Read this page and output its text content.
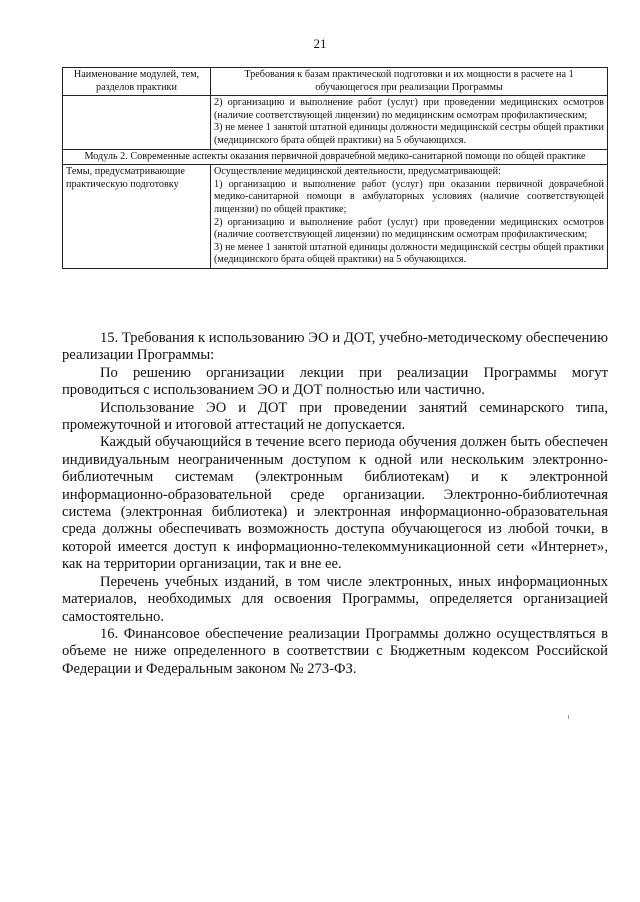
21
Наименование модулей, тем, разделов практики	Требования к базам практической подготовки и их мощности в расчете на 1 обучающегося при реализации Программы

	2) организацию и выполнение работ (услуг) при проведении медицинских осмотров (наличие соответствующей лицензии) по медицинским осмотрам профилактическим;
3) не менее 1 занятой штатной единицы должности медицинской сестры общей практики (медицинского брата общей практики) на 5 обучающихся.

Модуль 2. Современные аспекты оказания первичной доврачебной медико-санитарной помощи по общей практике	
Темы, предусматривающие практическую подготовку	Осуществление медицинской деятельности, предусматривающей:
1) организацию и выполнение работ (услуг) при оказании первичной доврачебной медико-санитарной помощи в амбулаторных условиях (наличие соответствующей лицензии) по общей практике;
2) организацию и выполнение работ (услуг) при проведении медицинских осмотров (наличие соответствующей лицензии) по медицинским осмотрам профилактическим;
3) не менее 1 занятой штатной единицы должности медицинской сестры общей практики (медицинского брата общей практики) на 5 обучающихся.

15. Требования к использованию ЭО и ДОТ, учебно-методическому обеспечению реализации Программы:

По решению организации лекции при реализации Программы могут проводиться с использованием ЭО и ДОТ полностью или частично.

Использование ЭО и ДОТ при проведении занятий семинарского типа, промежуточной и итоговой аттестаций не допускается.

Каждый обучающийся в течение всего периода обучения должен быть обеспечен индивидуальным неограниченным доступом к одной или нескольким электронно-библиотечным системам (электронным библиотекам) и к электронной информационно-образовательной среде организации. Электронно-библиотечная система (электронная библиотека) и электронная информационно-образовательная среда должны обеспечивать возможность доступа обучающегося из любой точки, в которой имеется доступ к информационно-телекоммуникационной сети «Интернет», как на территории организации, так и вне ее.

Перечень учебных изданий, в том числе электронных, иных информационных материалов, необходимых для освоения Программы, определяется организацией самостоятельно.

16. Финансовое обеспечение реализации Программы должно осуществляться в объеме не ниже определенного в соответствии с Бюджетным кодексом Российской Федерации и Федеральным законом № 273-ФЗ.
